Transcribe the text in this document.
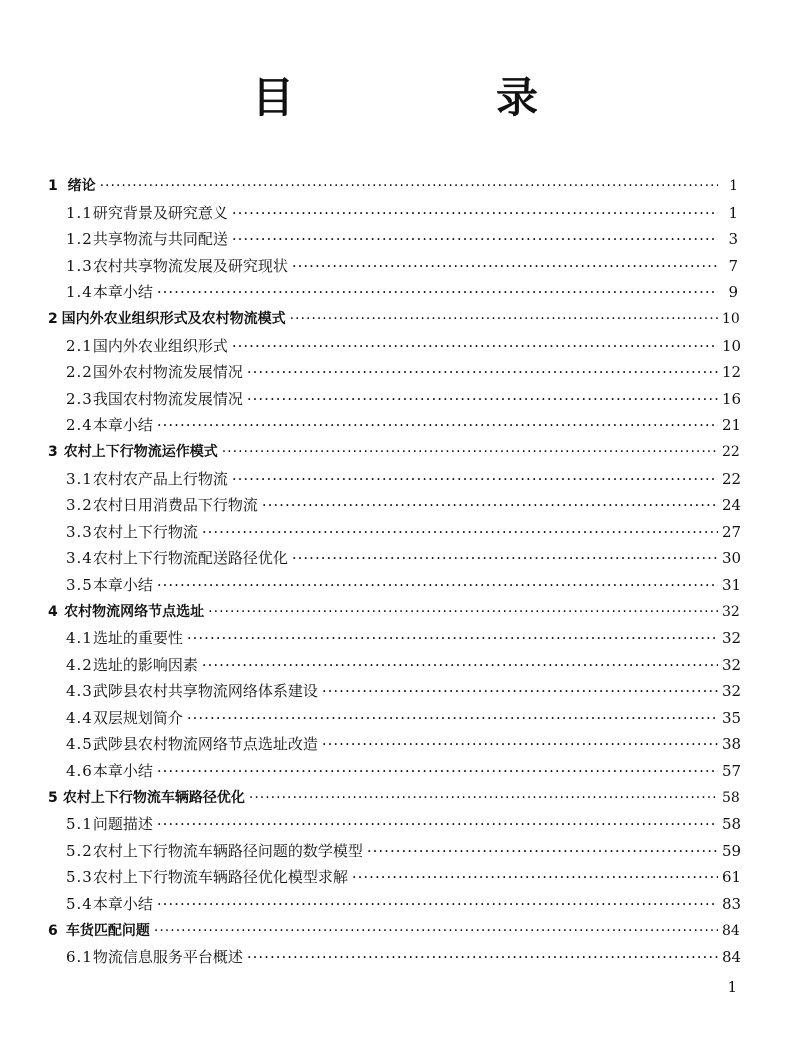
目　录
1 绪论 ·····	1
1.1 研究背景及研究意义 ·····	1
1.2 共享物流与共同配送 ·····	3
1.3 农村共享物流发展及研究现状 ·····	7
1.4 本章小结 ·····	9
2 国内外农业组织形式及农村物流模式 ·····	10
2.1 国内外农业组织形式 ·····	10
2.2 国外农村物流发展情况 ·····	12
2.3 我国农村物流发展情况 ·····	16
2.4 本章小结 ·····	21
3 农村上下行物流运作模式 ·····	22
3.1 农村农产品上行物流 ·····	22
3.2 农村日用消费品下行物流 ·····	24
3.3 农村上下行物流 ·····	27
3.4 农村上下行物流配送路径优化 ·····	30
3.5 本章小结 ·····	31
4 农村物流网络节点选址 ·····	32
4.1 选址的重要性 ·····	32
4.2 选址的影响因素 ·····	32
4.3 武陟县农村共享物流网络体系建设 ·····	32
4.4 双层规划简介 ·····	35
4.5 武陟县农村物流网络节点选址改造 ·····	38
4.6 本章小结 ·····	57
5 农村上下行物流车辆路径优化 ·····	58
5.1 问题描述 ·····	58
5.2 农村上下行物流车辆路径问题的数学模型 ·····	59
5.3 农村上下行物流车辆路径优化模型求解 ·····	61
5.4 本章小结 ·····	83
6 车货匹配问题 ·····	84
6.1 物流信息服务平台概述 ·····	84
1
